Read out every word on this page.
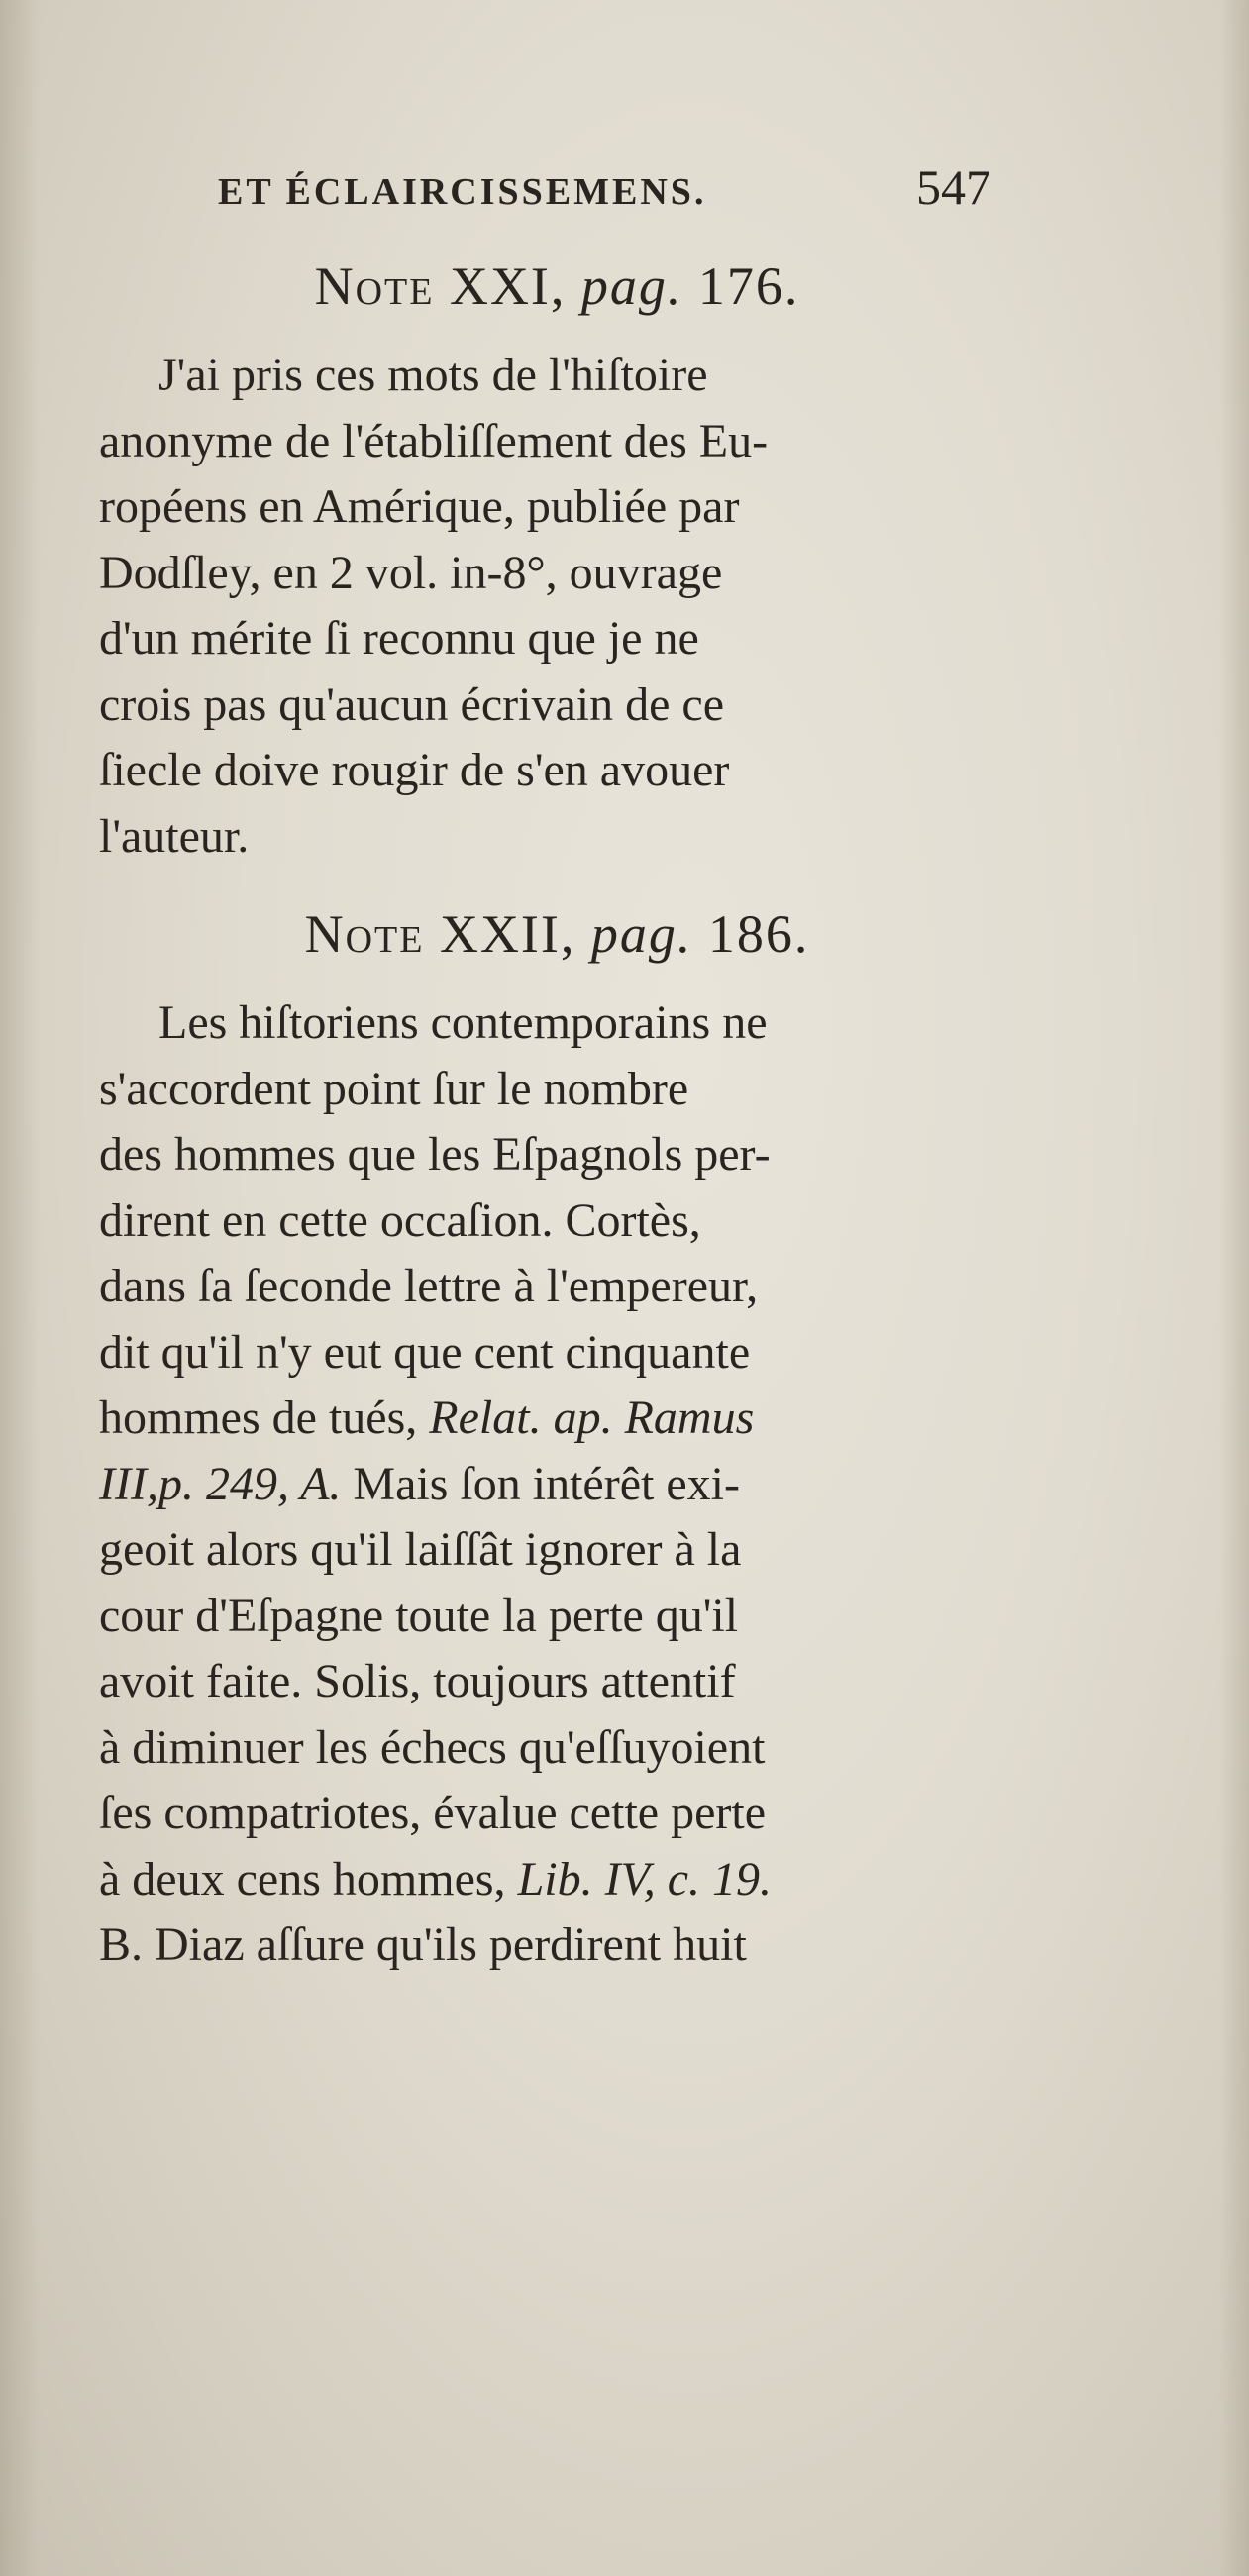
ET ÉCLAIRCISSEMENS.	547
Note XXI, pag. 176.
J'ai pris ces mots de l'hiſtoire
anonyme de l'établiſſement des Eu-
ropéens en Amérique, publiée par
Dodſley, en 2 vol. in-8°, ouvrage
d'un mérite ſi reconnu que je ne
crois pas qu'aucun écrivain de ce
ſiecle doive rougir de s'en avouer
l'auteur.
Note XXII, pag. 186.
Les hiſtoriens contemporains ne
s'accordent point ſur le nombre
des hommes que les Eſpagnols per-
dirent en cette occaſion. Cortès,
dans ſa ſeconde lettre à l'empereur,
dit qu'il n'y eut que cent cinquante
hommes de tués, Relat. ap. Ramus
III,p. 249, A. Mais ſon intérêt exi-
geoit alors qu'il laiſſât ignorer à la
cour d'Eſpagne toute la perte qu'il
avoit faite. Solis, toujours attentif
à diminuer les échecs qu'eſſuyoient
ſes compatriotes, évalue cette perte
à deux cens hommes, Lib. IV, c. 19.
B. Diaz aſſure qu'ils perdirent huit
